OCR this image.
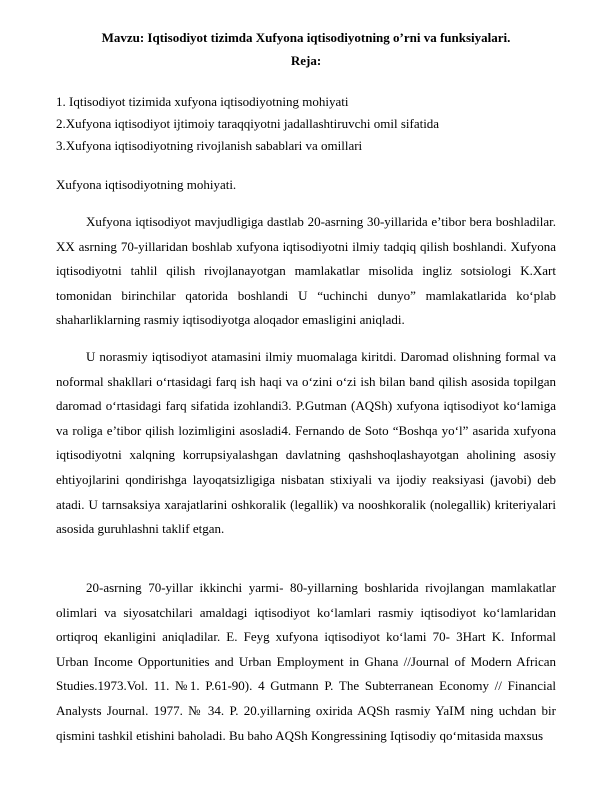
Mavzu: Iqtisodiyot tizimda Xufyona iqtisodiyotning o’rni va funksiyalari.
Reja:
1. Iqtisodiyot tizimida xufyona iqtisodiyotning mohiyati
2.Xufyona iqtisodiyot ijtimoiy taraqqiyotni jadallashtiruvchi omil sifatida
3.Xufyona iqtisodiyotning rivojlanish sabablari va omillari
Xufyona iqtisodiyotning mohiyati.
Xufyona iqtisodiyot mavjudligiga dastlab 20-asrning 30-yillarida e’tibor bera boshladilar. XX asrning 70-yillaridan boshlab xufyona iqtisodiyotni ilmiy tadqiq qilish boshlandi. Xufyona iqtisodiyotni tahlil qilish rivojlanayotgan mamlakatlar misolida ingliz sotsiologi K.Xart tomonidan birinchilar qatorida boshlandi U “uchinchi dunyo” mamlakatlarida ko‘plab shaharliklarning rasmiy iqtisodiyotga aloqador emasligini aniqladi.
U norasmiy iqtisodiyot atamasini ilmiy muomalaga kiritdi. Daromad olishning formal va noformal shakllari o‘rtasidagi farq ish haqi va o‘zini o‘zi ish bilan band qilish asosida topilgan daromad o‘rtasidagi farq sifatida izohlandi3. P.Gutman (AQSh) xufyona iqtisodiyot ko‘lamiga va roliga e’tibor qilish lozimligini asosladi4. Fernando de Soto “Boshqa yo‘l” asarida xufyona iqtisodiyotni xalqning korrupsiyalashgan davlatning qashshoqlashayotgan aholining asosiy ehtiyojlarini qondirishga layoqatsizligiga nisbatan stixiyali va ijodiy reaksiyasi (javobi) deb atadi. U tarnsaksiya xarajatlarini oshkoralik (legallik) va nooshkoralik (nolegallik) kriteriyalari asosida guruhlashni taklif etgan.
20-asrning 70-yillar ikkinchi yarmi- 80-yillarning boshlarida rivojlangan mamlakatlar olimlari va siyosatchilari amaldagi iqtisodiyot ko‘lamlari rasmiy iqtisodiyot ko‘lamlaridan ortiqroq ekanligini aniqladilar. E. Feyg xufyona iqtisodiyot ko‘lami 70- 3Hart K. Informal Urban Income Opportunities and Urban Employment in Ghana //Journal of Modern African Studies.1973.Vol. 11. №1. P.61-90). 4 Gutmann P. The Subterranean Economy // Financial Analysts Journal. 1977. № 34. P. 20.yillarning oxirida AQSh rasmiy YaIM ning uchdan bir qismini tashkil etishini baholadi. Bu baho AQSh Kongressining Iqtisodiy qo‘mitasida maxsus
